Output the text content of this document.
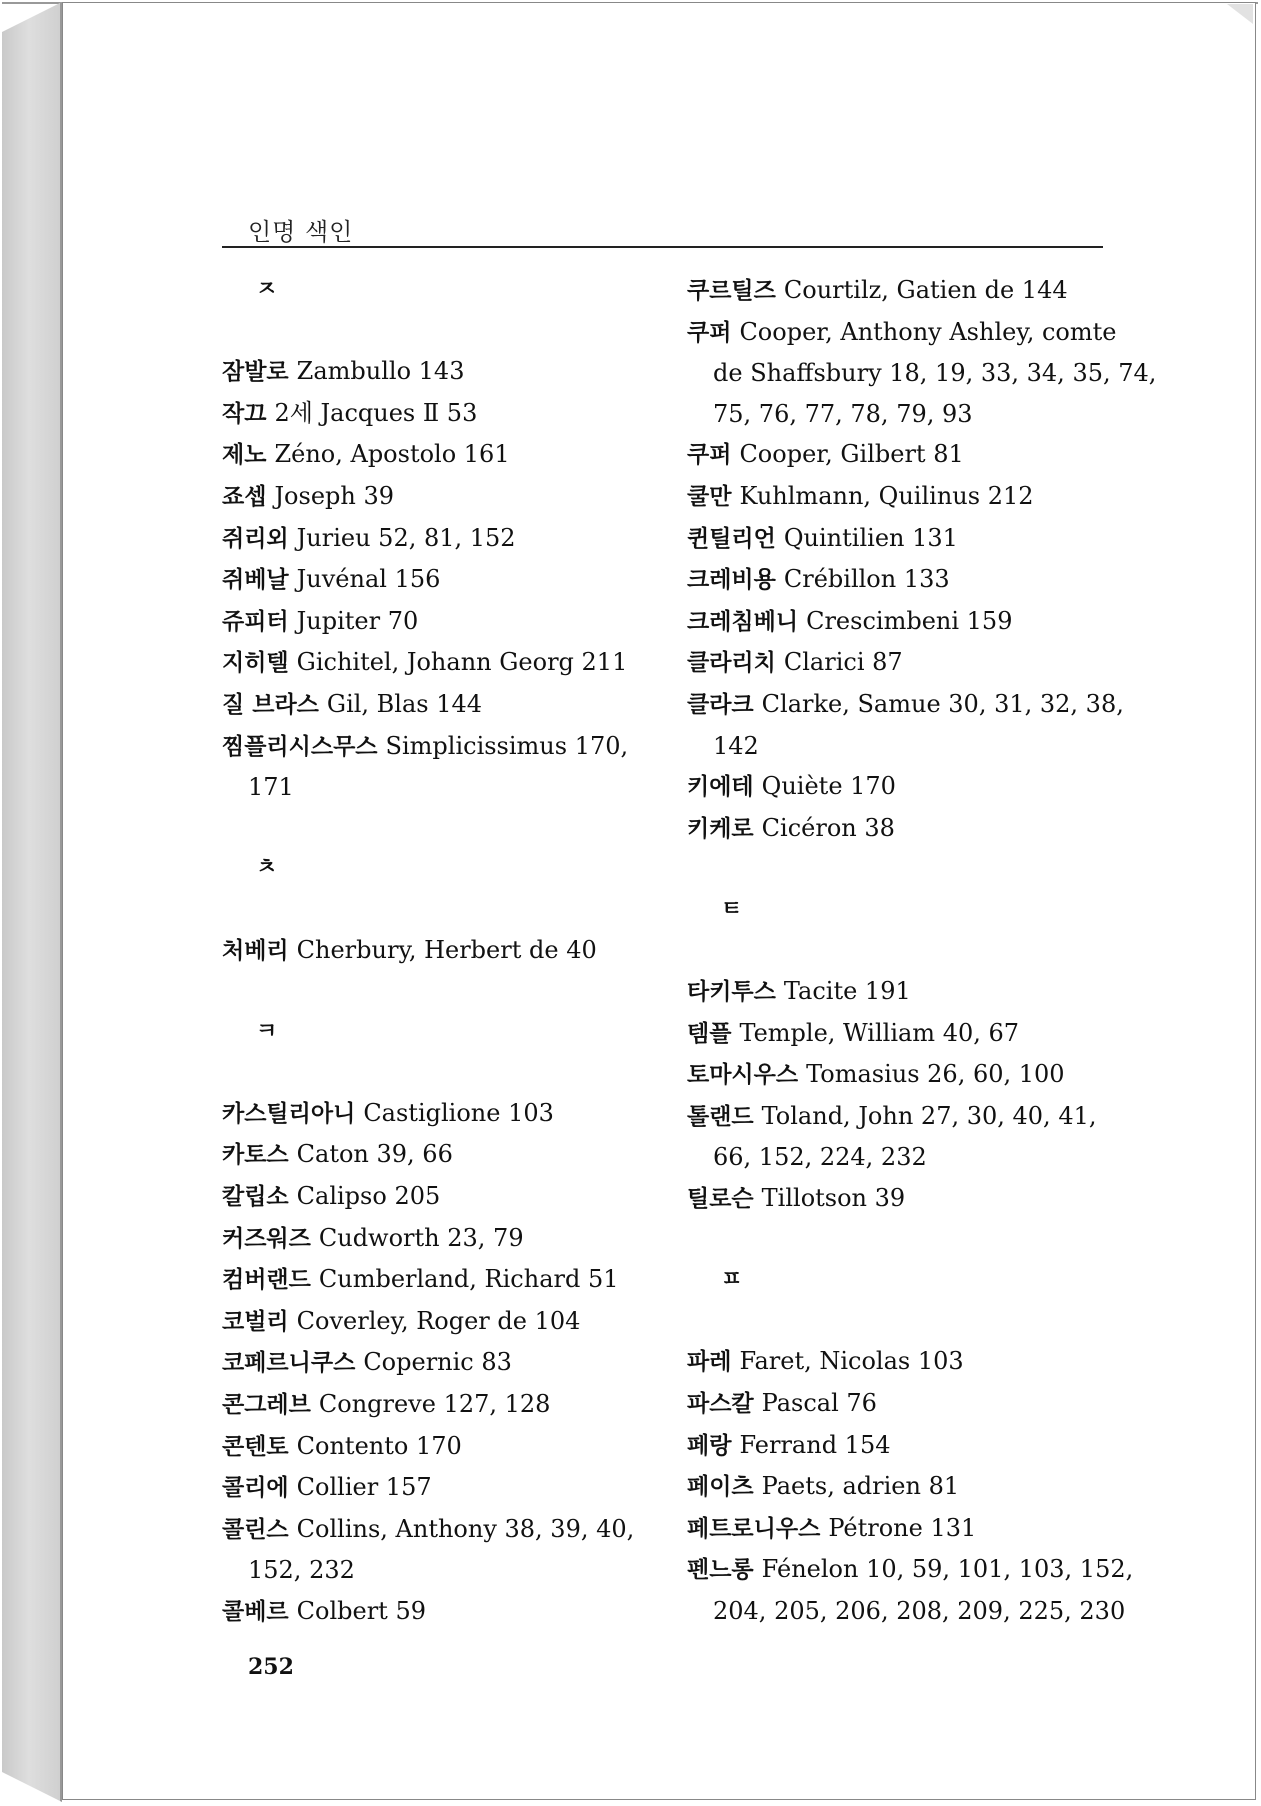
인명 색인
ㅈ
잠발로 Zambullo 143
작끄 2세 Jacques Ⅱ 53
제노 Zéno, Apostolo 161
죠셉 Joseph 39
쥐리외 Jurieu 52, 81, 152
쥐베날 Juvénal 156
쥬피터 Jupiter 70
지히텔 Gichitel, Johann Georg 211
질 브라스 Gil, Blas 144
찜플리시스무스 Simplicissimus 170,
171
ㅊ
처베리 Cherbury, Herbert de 40
ㅋ
카스틸리아니 Castiglione 103
카토스 Caton 39, 66
칼립소 Calipso 205
커즈워즈 Cudworth 23, 79
컴버랜드 Cumberland, Richard 51
코벌리 Coverley, Roger de 104
코페르니쿠스 Copernic 83
콘그레브 Congreve 127, 128
콘텐토 Contento 170
콜리에 Collier 157
콜린스 Collins, Anthony 38, 39, 40,
152, 232
콜베르 Colbert 59
쿠르틸즈 Courtilz, Gatien de 144
쿠퍼 Cooper, Anthony Ashley, comte
de Shaffsbury 18, 19, 33, 34, 35, 74,
75, 76, 77, 78, 79, 93
쿠퍼 Cooper, Gilbert 81
쿨만 Kuhlmann, Quilinus 212
퀸틸리언 Quintilien 131
크레비용 Crébillon 133
크레침베니 Crescimbeni 159
클라리치 Clarici 87
클라크 Clarke, Samue 30, 31, 32, 38,
142
키에테 Quiète 170
키케로 Cicéron 38
ㅌ
타키투스 Tacite 191
템플 Temple, William 40, 67
토마시우스 Tomasius 26, 60, 100
톨랜드 Toland, John 27, 30, 40, 41,
66, 152, 224, 232
틸로슨 Tillotson 39
ㅍ
파레 Faret, Nicolas 103
파스칼 Pascal 76
페랑 Ferrand 154
페이츠 Paets, adrien 81
페트로니우스 Pétrone 131
펜느롱 Fénelon 10, 59, 101, 103, 152,
204, 205, 206, 208, 209, 225, 230
252
